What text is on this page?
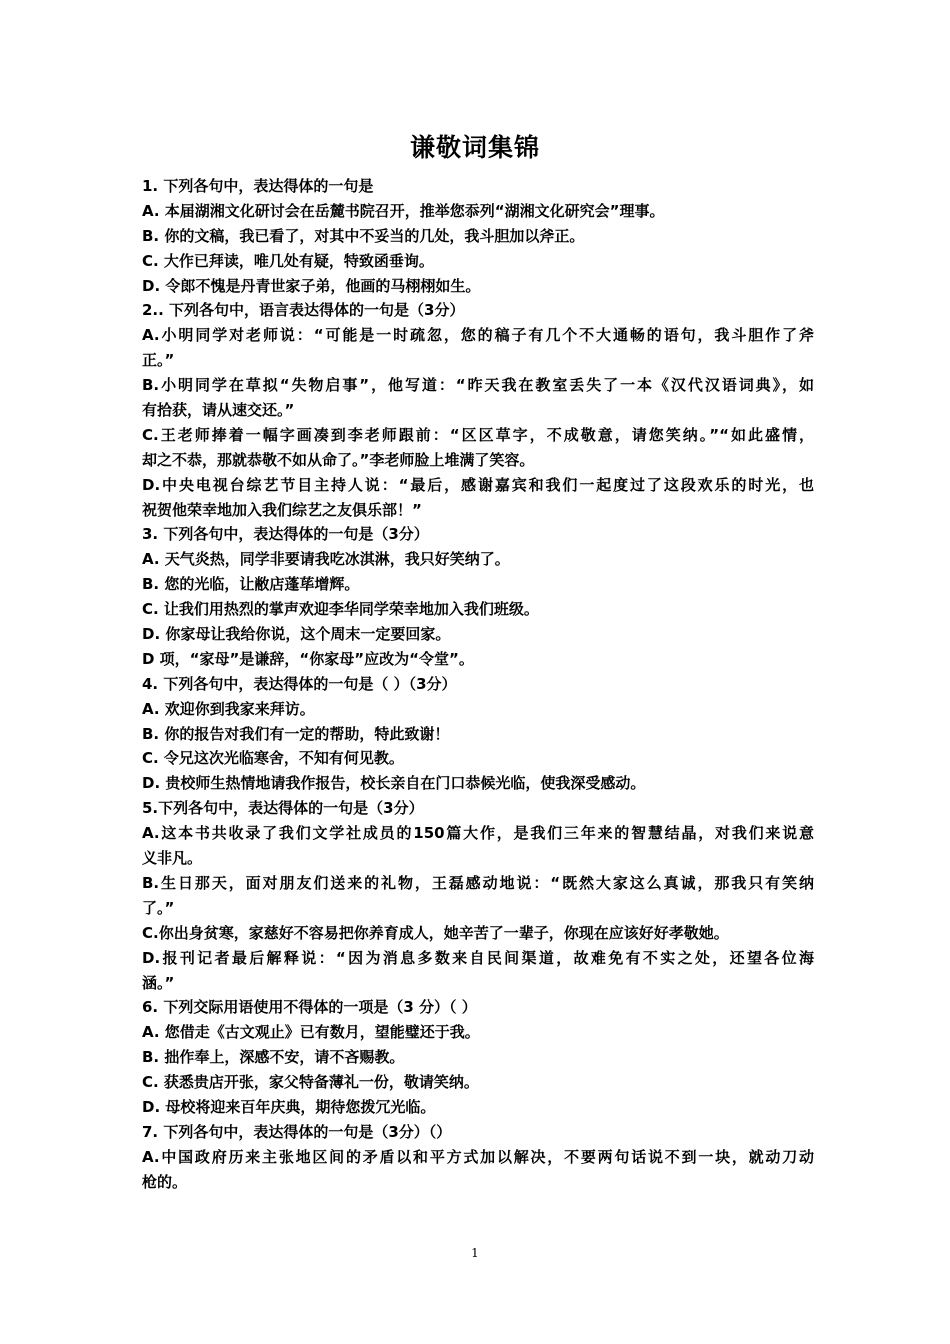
谦敬词集锦
1. 下列各句中，表达得体的一句是
A. 本届湖湘文化研讨会在岳麓书院召开，推举您忝列“湖湘文化研究会”理事。
B. 你的文稿，我已看了，对其中不妥当的几处，我斗胆加以斧正。
C. 大作已拜读，唯几处有疑，特致函垂询。
D. 令郎不愧是丹青世家子弟，他画的马栩栩如生。
2.. 下列各句中，语言表达得体的一句是（3分）
A.小明同学对老师说：“可能是一时疏忽，您的稿子有几个不大通畅的语句，我斗胆作了斧
正。”
B.小明同学在草拟“失物启事”，他写道：“昨天我在教室丢失了一本《汉代汉语词典》，如
有拾获，请从速交还。”
C.王老师捧着一幅字画凑到李老师跟前：“区区草字，不成敬意，请您笑纳。”“如此盛情，
却之不恭，那就恭敬不如从命了。”李老师脸上堆满了笑容。
D.中央电视台综艺节目主持人说：“最后，感谢嘉宾和我们一起度过了这段欢乐的时光，也
祝贺他荣幸地加入我们综艺之友俱乐部！”
3. 下列各句中，表达得体的一句是（3分）
A. 天气炎热，同学非要请我吃冰淇淋，我只好笑纳了。
B. 您的光临，让敝店蓬荜增辉。
C. 让我们用热烈的掌声欢迎李华同学荣幸地加入我们班级。
D. 你家母让我给你说，这个周末一定要回家。
D 项，“家母”是谦辞，“你家母”应改为“令堂”。
4. 下列各句中，表达得体的一句是（ ）（3分）
A. 欢迎你到我家来拜访。
B. 你的报告对我们有一定的帮助，特此致谢！
C. 令兄这次光临寒舍，不知有何见教。
D. 贵校师生热情地请我作报告，校长亲自在门口恭候光临，使我深受感动。
5.下列各句中，表达得体的一句是（3分）
A.这本书共收录了我们文学社成员的150篇大作，是我们三年来的智慧结晶，对我们来说意
义非凡。
B.生日那天，面对朋友们送来的礼物，王磊感动地说：“既然大家这么真诚，那我只有笑纳
了。”
C.你出身贫寒，家慈好不容易把你养育成人，她辛苦了一辈子，你现在应该好好孝敬她。
D.报刊记者最后解释说：“因为消息多数来自民间渠道，故难免有不实之处，还望各位海
涵。”
6. 下列交际用语使用不得体的一项是（3 分）（ ）
A. 您借走《古文观止》已有数月，望能璧还于我。
B. 拙作奉上，深感不安，请不吝赐教。
C. 获悉贵店开张，家父特备薄礼一份，敬请笑纳。
D. 母校将迎来百年庆典，期待您拨冗光临。
7. 下列各句中，表达得体的一句是（3分）（）
A.中国政府历来主张地区间的矛盾以和平方式加以解决，不要两句话说不到一块，就动刀动
枪的。
1
